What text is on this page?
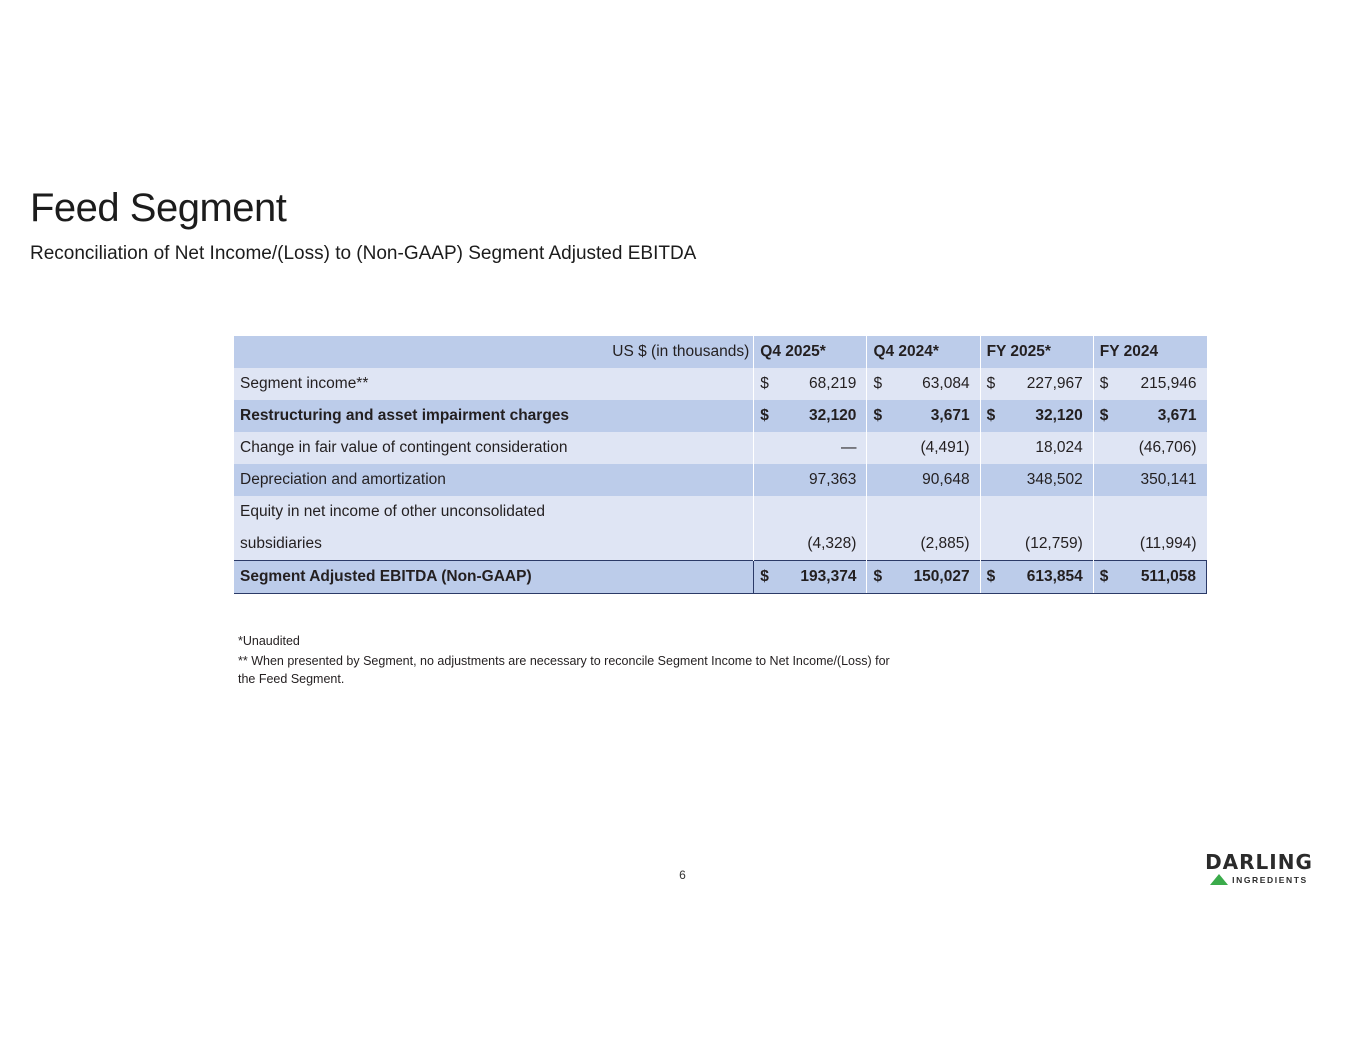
Feed Segment
Reconciliation of Net Income/(Loss) to (Non-GAAP) Segment Adjusted EBITDA
US $ (in thousands)	Q4 2025*		Q4 2024*		FY 2025*		FY 2024	
Segment income**	$	68,219	$	63,084	$	227,967	$	215,946
Restructuring and asset impairment charges	$	32,120	$	3,671	$	32,120	$	3,671
Change in fair value of contingent consideration		—		(4,491)		18,024		(46,706)
Depreciation and amortization		97,363		90,648		348,502		350,141
Equity in net income of other unconsolidated								
subsidiaries		(4,328)		(2,885)		(12,759)		(11,994)
Segment Adjusted EBITDA (Non-GAAP)	$	193,374	$	150,027	$	613,854	$	511,058
*Unaudited
** When presented by Segment, no adjustments are necessary to reconcile Segment Income to Net Income/(Loss) for the Feed Segment.
6
DARLING
INGREDIENTS
